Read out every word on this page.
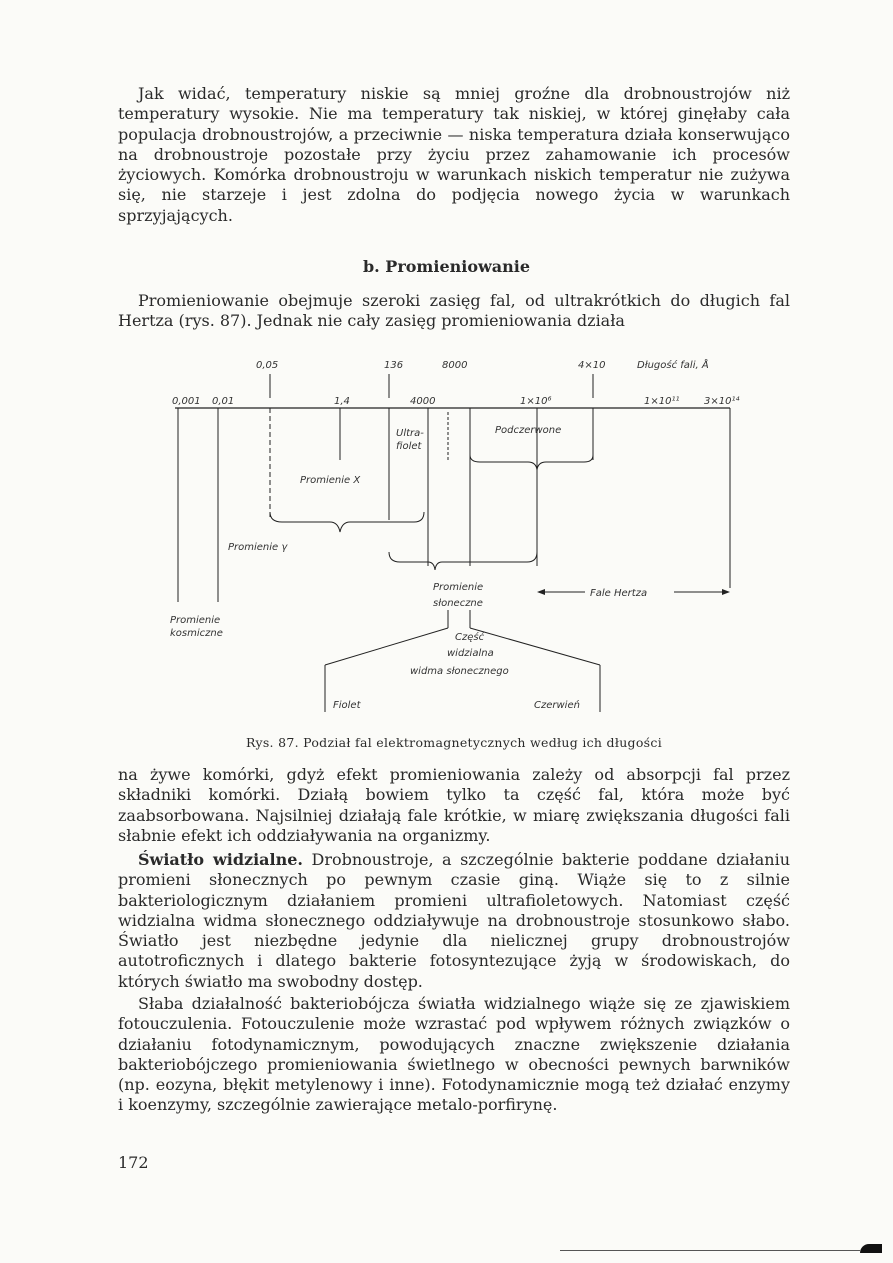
Jak widać, temperatury niskie są mniej groźne dla drobnoustrojów niż temperatury wysokie. Nie ma temperatury tak niskiej, w której ginęłaby cała populacja drobnoustrojów, a przeciwnie — niska temperatura działa konserwująco na drobnoustroje pozostałe przy życiu przez zahamowanie ich procesów życiowych. Komórka drobnoustroju w warunkach niskich temperatur nie zużywa się, nie starzeje i jest zdolna do podjęcia nowego życia w warunkach sprzyjających.

b. Promieniowanie

Promieniowanie obejmuje szeroki zasięg fal, od ultrakrótkich do długich fal Hertza (rys. 87). Jednak nie cały zasięg promieniowania działa

0,05	136	8000	4×10	Długość fali, Å
0,001 0,01	1,4	4000	1×10⁶	1×10¹¹ 3×10¹⁴
Ultra-
fiolet
Podczerwone
Promienie X
Promienie γ
Promienie
kosmiczne
Promienie
słoneczne
Fale Hertza
Część
widzialna
widma słonecznego
Fiolet	Czerwień

Rys. 87. Podział fal elektromagnetycznych według ich długości

na żywe komórki, gdyż efekt promieniowania zależy od absorpcji fal przez składniki komórki. Działą bowiem tylko ta część fal, która może być zaabsorbowana. Najsilniej działają fale krótkie, w miarę zwiększania długości fali słabnie efekt ich oddziaływania na organizmy.

Światło widzialne. Drobnoustroje, a szczególnie bakterie poddane działaniu promieni słonecznych po pewnym czasie giną. Wiąże się to z silnie bakteriologicznym działaniem promieni ultrafioletowych. Natomiast część widzialna widma słonecznego oddziaływuje na drobnoustroje stosunkowo słabo. Światło jest niezbędne jedynie dla nielicznej grupy drobnoustrojów autotroficznych i dlatego bakterie fotosyntezujące żyją w środowiskach, do których światło ma swobodny dostęp.

Słaba działalność bakteriobójcza światła widzialnego wiąże się ze zjawiskiem fotouczulenia. Fotouczulenie może wzrastać pod wpływem różnych związków o działaniu fotodynamicznym, powodujących znaczne zwiększenie działania bakteriobójczego promieniowania świetlnego w obecności pewnych barwników (np. eozyna, błękit metylenowy i inne). Fotodynamicznie mogą też działać enzymy i koenzymy, szczególnie zawierające metalo-porfirynę.

172
